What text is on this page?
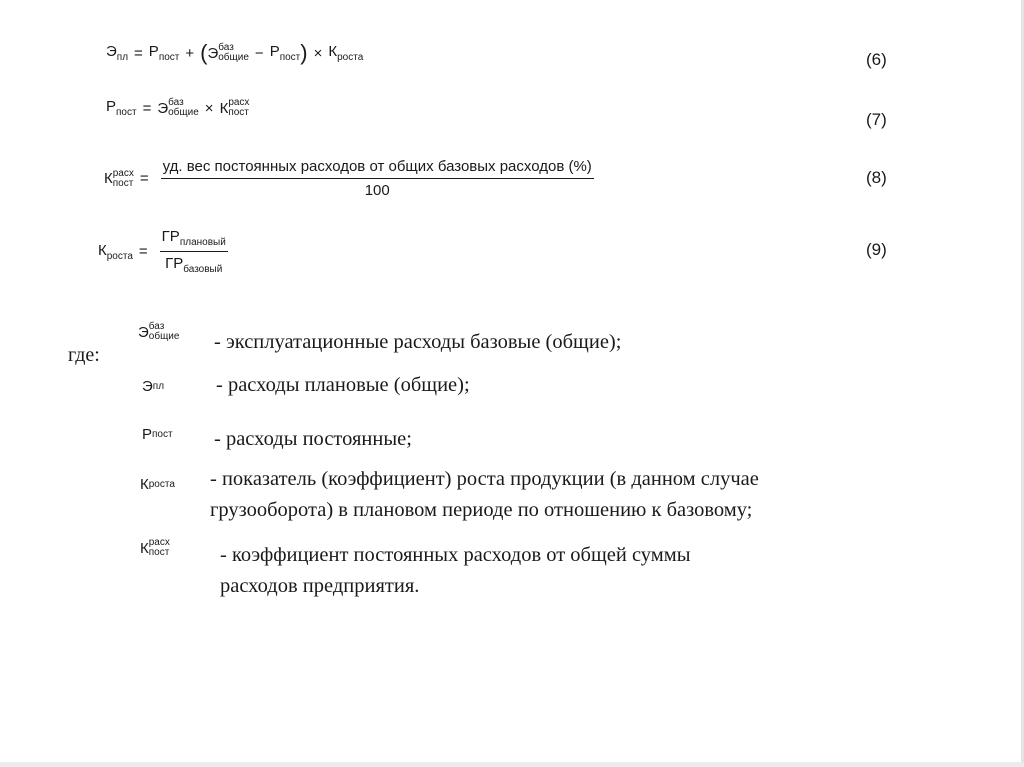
$Э_{пл} = Р_{пост}$ + ( Э баз
общие − $Р_{пост}$ ) × $К_{роста}$	(6)
$Р_{пост} = Э$ баз
общие × К расх
пост	(7)
К расх
пост = $\frac{\text{уд. вес постоянных расходов от общих базовых расходов (\%)}}{100}$	(8)
$К_{роста} = \frac{ГР_{плановый}}{ГР_{базовый}}$	(9)
где:
Э баз
общие - эксплуатационные расходы базовые (общие);
Э пл	- расходы плановые (общие);
Р пост - расходы постоянные;
К роста - показатель (коэффициент) роста продукции (в данном случае
грузооборота) в плановом периоде по отношению к базовому;
К расх
пост - коэффициент постоянных расходов от общей суммы
расходов предприятия.
